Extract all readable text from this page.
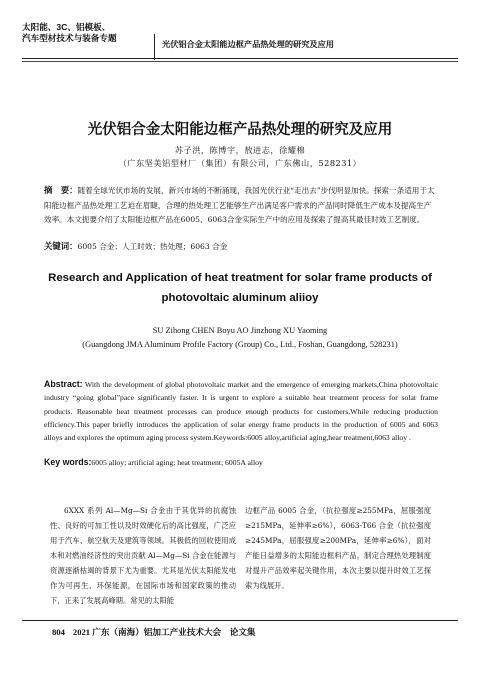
太阳能、3C、铝模板、
汽车型材技术与装备专题
光伏铝合金太阳能边框产品热处理的研究及应用
光伏铝合金太阳能边框产品热处理的研究及应用
苏子洪，陈博宇，敖进志，徐耀棉
（广东坚美铝型材厂（集团）有限公司，广东佛山，528231）
摘　要：随着全球光伏市场的发展，新兴市场的不断涌现，我国光伏行业“走出去”步伐明显加快。探索一条适用于太阳能边框产品热处理工艺迫在眉睫，合理的热处理工艺能够生产出满足客户需求的产品同时降低生产成本及提高生产效率。本文扼要介绍了太阳能边框产品在6005、6063合金实际生产中的应用及探索了提高其最佳时效工艺制度。
关键词：6005 合金；人工时效；热处理；6063 合金
Research and Application of heat treatment for solar frame products of photovoltaic aluminum aliioy
SU Zihong CHEN Boyu AO Jinzhong XU Yaoming
(Guangdong JMA Aluminum Profile Factory (Group) Co., Ltd., Foshan, Guangdong, 528231)
Abstract: With the development of global photovoltaic market and the emergence of emerging markets,China photovoltaic industry “going global”pace significantly faster. It is urgent to explore a suitable heat treatment process for solar frame products. Reasonable heat treatment processes can produce enough products for customers,While reducing production efficiency.This paper briefly introduces the application of solar energy frame products in the production of 6005 and 6063 alloys and explores the optimum aging process system.Keywords:6005 alloy,artificial aging,hear treatment,6063 alloy .
Key words:6005 alloy; artificial aging; heat treatment; 6005A alloy
6XXX 系列 Al—Mg—Si 合金由于其优异的抗腐蚀性、良好的可加工性以及时效硬化后的高比强度，广泛应用于汽车、航空航天及建筑等领域。其极低的回收使用成本和对燃油经济性的突出贡献 Al—Mg—Si 合金在能源与资源逐渐枯竭的背景下尤为重要。尤其是光伏太阳能发电作为可再生、环保能源，在国际市场和国家政策的推动下，正来了发展高峰期。常见的太阳能
边框产品 6005 合金，（抗拉强度≥255MPa，屈服强度≥215MPa，延伸率≥6%），6063-T66 合金（抗拉强度≥245MPa，屈服强度≥200MPa，延伸率≥6%），面对产能日益增多的太阳能边框料产品，制定合理热处理制度对提升产品效率起关键作用，本次主要以提升时效工艺探索为线展开。
804 2021 广东（南海）铝加工产业技术大会　论文集
